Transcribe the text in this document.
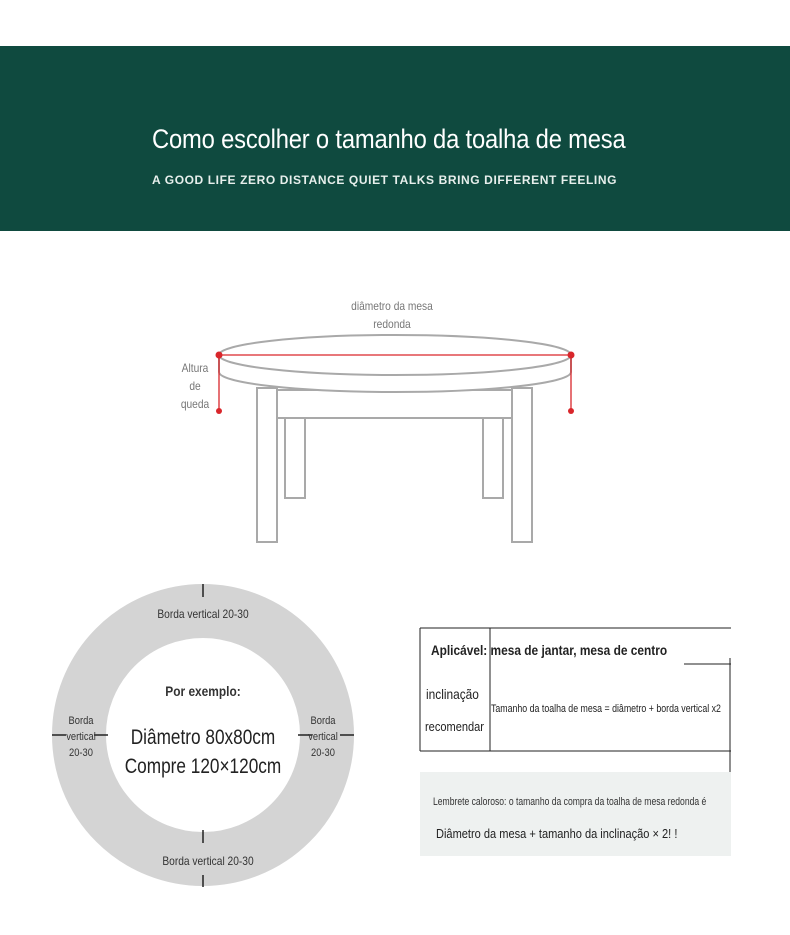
Como escolher o tamanho da toalha de mesa
A GOOD LIFE ZERO DISTANCE QUIET TALKS BRING DIFFERENT FEELING
diâmetro da mesa
redonda
Altura
de
queda
Borda vertical 20-30
Borda vertical 20-30
Borda
vertical
20-30
Borda
vertical
20-30
Por exemplo:
Diâmetro 80x80cm
Compre 120×120cm
Aplicável: mesa de jantar, mesa de centro
inclinação
recomendar
Tamanho da toalha de mesa = diâmetro + borda vertical x2
Lembrete caloroso: o tamanho da compra da toalha de mesa redonda é
Diâmetro da mesa + tamanho da inclinação × 2! !
